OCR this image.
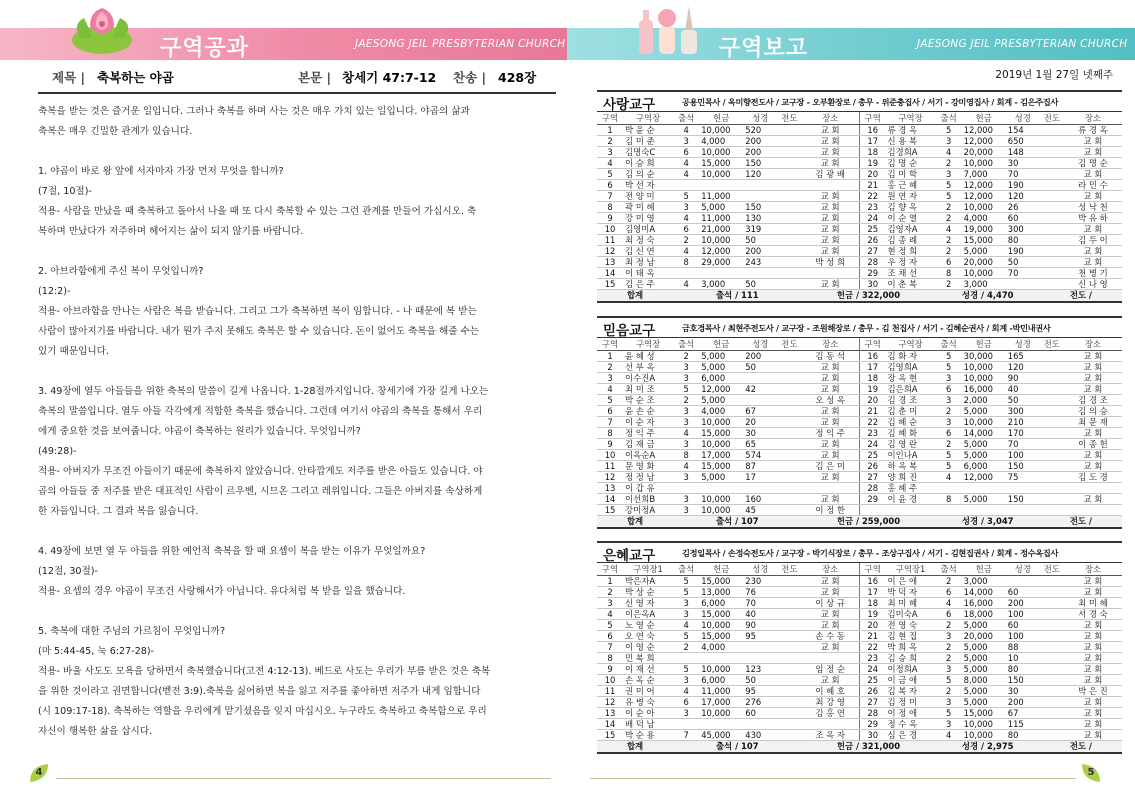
구역공과	JAESONG JEIL PRESBYTERIAN CHURCH	구역보고	JAESONG JEIL PRESBYTERIAN CHURCH
제목 | 축복하는 야곱	본문 | 창세기 47:7-12 찬송 | 428장

축복을 받는 것은 즐거운 일입니다. 그러나 축복을 하며 사는 것은 매우 가치 있는 일입니다. 야곱의 삶과

축복은 매우 긴밀한 관계가 있습니다.

1. 야곱이 바로 왕 앞에 서자마자 가장 먼저 무엇을 합니까?

(7절, 10절)-

적용- 사람을 만났을 때 축복하고 돌아서 나올 때 또 다시 축복할 수 있는 그런 관계를 만들어 가십시오. 축

복하며 만났다가 저주하며 헤어지는 삶이 되지 않기를 바랍니다.

2. 아브라함에게 주신 복이 무엇입니까?

(12:2)-

적용- 아브라함을 만나는 사람은 복을 받습니다. 그리고 그가 축복하면 복이 임합니다. - 나 때문에 복 받는

사람이 많아지기를 바랍니다. 내가 뭔가 주지 못해도 축복은 할 수 있습니다. 돈이 없어도 축복을 해줄 수는

있기 때문입니다.

3. 49장에 열두 아들들을 위한 축복의 말씀이 길게 나옵니다. 1-28절까지입니다. 창세기에 가장 길게 나오는

축복의 말씀입니다. 열두 아들 각각에게 적합한 축복을 했습니다. 그런데 여기서 야곱의 축복을 통해서 우리

에게 중요한 것을 보여줍니다. 야곱이 축복하는 원리가 있습니다. 무엇입니까?

(49:28)-

적용- 아버지가 무조건 아들이기 때문에 축복하지 않았습니다. 안타깝게도 저주를 받은 아들도 있습니다. 야

곱의 아들들 중 저주를 받은 대표적인 사람이 르우벤, 시므온 그리고 레위입니다. 그들은 아버지를 속상하게

한 자들입니다. 그 결과 복을 잃습니다.

4. 49장에 보면 열 두 아들을 위한 예언적 축복을 할 때 요셉이 복을 받는 이유가 무엇일까요?

(12절, 30절)-

적용- 요셉의 경우 야곱이 무조건 사랑해서가 아닙니다. 유다처럼 복 받을 일을 했습니다.

5. 축복에 대한 주님의 가르침이 무엇입니까?

(마 5:44-45, 눅 6:27-28)-

적용- 바울 사도도 모욕을 당하면서 축복했습니다(고전 4:12-13). 베드로 사도는 우리가 부름 받은 것은 축복

을 위한 것이라고 권면합니다(벧전 3:9).축복을 싫어하면 복을 잃고 저주를 좋아하면 저주가 내게 임합니다

(시 109:17-18). 축복하는 역할을 우리에게 맡기셨음을 잊지 마십시오. 누구라도 축복하고 축복함으로 우리

자신이 행복한 삶을 삽시다.

2019년 1월 27일 넷째주
사랑교구	공용민목사 / 옥미향전도사 / 교구장 - 오부환장로 / 총무 - 위준충집사 / 서기 - 강미영집사 / 회계 - 김은주집사
구역	구역장	출석	헌금	성경	전도	장소	구역	구역장	출석	헌금	성경	전도	장소
1	박 윤 순	4	10,000	520		교 회	16	류 경 옥	5	12,000	154		류 경 옥
2	김 미 준	3	4,000	200		교 회	17	신 용 복	3	12,000	650		교 회
3	김명숙C	6	10,000	200		교 회	18	김경희A	4	20,000	148		교 회
4	이 승 희	4	15,000	150		교 회	19	김 명 순	2	10,000	30		김 명 순
5	김 의 순	4	10,000	120		김 광 배	20	김 미 학	3	7,000	70		교 회
6	박 선 자						21	홍 근 혜	5	12,000	190		라 민 수
7	전 양 미	5	11,000			교 회	22	원 연 자	5	12,000	120		교 회
8	곽 미 혜	3	5,000	150		교 회	23	김 향 옥	2	10,000	26		성 낙 천
9	강 미 영	4	11,000	130		교 회	24	이 순 열	2	4,000	60		박 유 하
10	김영미A	6	21,000	319		교 회	25	김영자A	4	19,000	300		교 회
11	최 정 숙	2	10,000	50		교 회	26	김 종 례	2	15,000	80		김 두 이
12	김 신 연	4	12,000	200		교 회	27	현 정 희	2	5,000	190		교 회
13	최 정 남	8	29,000	243		박 성 희	28	우 정 자	6	20,000	50		교 회
14	이 태 옥						29	조 채 선	8	10,000	70		천 병 기
15	김 은 주	4	3,000	50		교 회	30	이 춘 복	2	3,000			신 나 영
합계		출석 / 111				헌금 / 322,000			성경 / 4,470			전도 /	
믿음교구	금호경목사 / 최현주전도사 / 교구장 - 조원해장로 / 총무 - 김 천집사 / 서기 - 김혜순권사 / 회계 -박민내권사
구역	구역장	출석	헌금	성경	전도	장소	구역	구역장	출석	헌금	성경	전도	장소
1	윤 혜 성	2	5,000	200		김 동 석	16	김 화 자	5	30,000	165		교 회
2	선 부 옥	3	5,000	50		교 회	17	김영희A	5	10,000	120		교 회
3	이수진A	3	6,000			교 회	18	장 옥 현	3	10,000	90		교 회
4	최 미 조	5	12,000	42		교 회	19	김은희A	6	16,000	40		교 회
5	박 순 조	2	5,000			오 성 옥	20	김 경 조	3	2,000	50		김 경 조
6	윤 손 순	3	4,000	67		교 회	21	김 춘 미	2	5,000	300		김 의 승
7	이 순 자	3	10,000	20		교 회	22	김 혜 순	3	10,000	210		최 문 재
8	정 익 주	4	15,000	30		정 익 주	23	김 혜 화	6	14,000	170		교 회
9	김 재 금	3	10,000	65		교 회	24	김 영 란	2	5,000	70		이 종 헌
10	이옥순A	8	17,000	574		교 회	25	이인나A	5	5,000	100		교 회
11	문 영 화	4	15,000	87		김 은 미	26	하 옥 복	5	6,000	150		교 회
12	정 정 남	3	5,000	17		교 회	27	양 희 진	4	12,000	75		김 도 경
13	이 갑 유						28	홍 혜 주					
14	이선희B	3	10,000	160		교 회	29	이 윤 경	8	5,000	150		교 회
15	강미정A	3	10,000	45		이 정 한							
합계		출석 / 107				헌금 / 259,000			성경 / 3,047			전도 /	
은혜교구	김정일목사 / 손정숙전도사 / 교구장 - 박기식장로 / 총무 - 조상구집사 / 서기 - 김현집권사 / 회계 - 정수옥집사
구역	구역장1	출석	헌금	성경	전도	장소	구역	구역장1	출석	헌금	성경	전도	장소
1	박은자A	5	15,000	230		교 회	16	이 은 애	2	3,000			교 회
2	박 상 순	5	13,000	76		교 회	17	박 덕 자	6	14,000	60		교 회
3	신 영 자	3	6,000	70		이 상 규	18	최 미 혜	4	16,000	200		최 미 혜
4	이은옥A	3	15,000	40		교 회	19	김미숙A	6	18,000	100		서 경 숙
5	노 영 순	4	10,000	90		교 회	20	전 영 숙	2	5,000	60		교 회
6	오 연 숙	5	15,000	95		손 수 동	21	김 현 집	3	20,000	100		교 회
7	이 영 순	2	4,000			교 회	22	박 희 옥	2	5,000	88		교 회
8	민 복 희						23	김 승 희	2	5,000	10		교 회
9	이 재 선	5	10,000	123		임 정 순	24	이정희A	3	5,000	80		교 회
10	손 옥 순	3	6,000	50		교 회	25	이 금 애	5	8,000	150		교 회
11	권 미 어	4	11,000	95		이 혜 호	26	김 복 자	2	5,000	30		박 은 진
12	유 병 숙	6	17,000	276		최 강 영	27	김 정 미	3	5,000	200		교 회
13	이 순 아	3	10,000	60		김 홍 연	28	이 정 애	5	15,000	67		교 회
14	배 덕 남						29	정 수 옥	3	10,000	115		교 회
15	박 순 용	7	45,000	430		조 옥 자	30	심 은 경	4	10,000	80		교 회
합계		출석 / 107				헌금 / 321,000			성경 / 2,975			전도 /	
4	5
